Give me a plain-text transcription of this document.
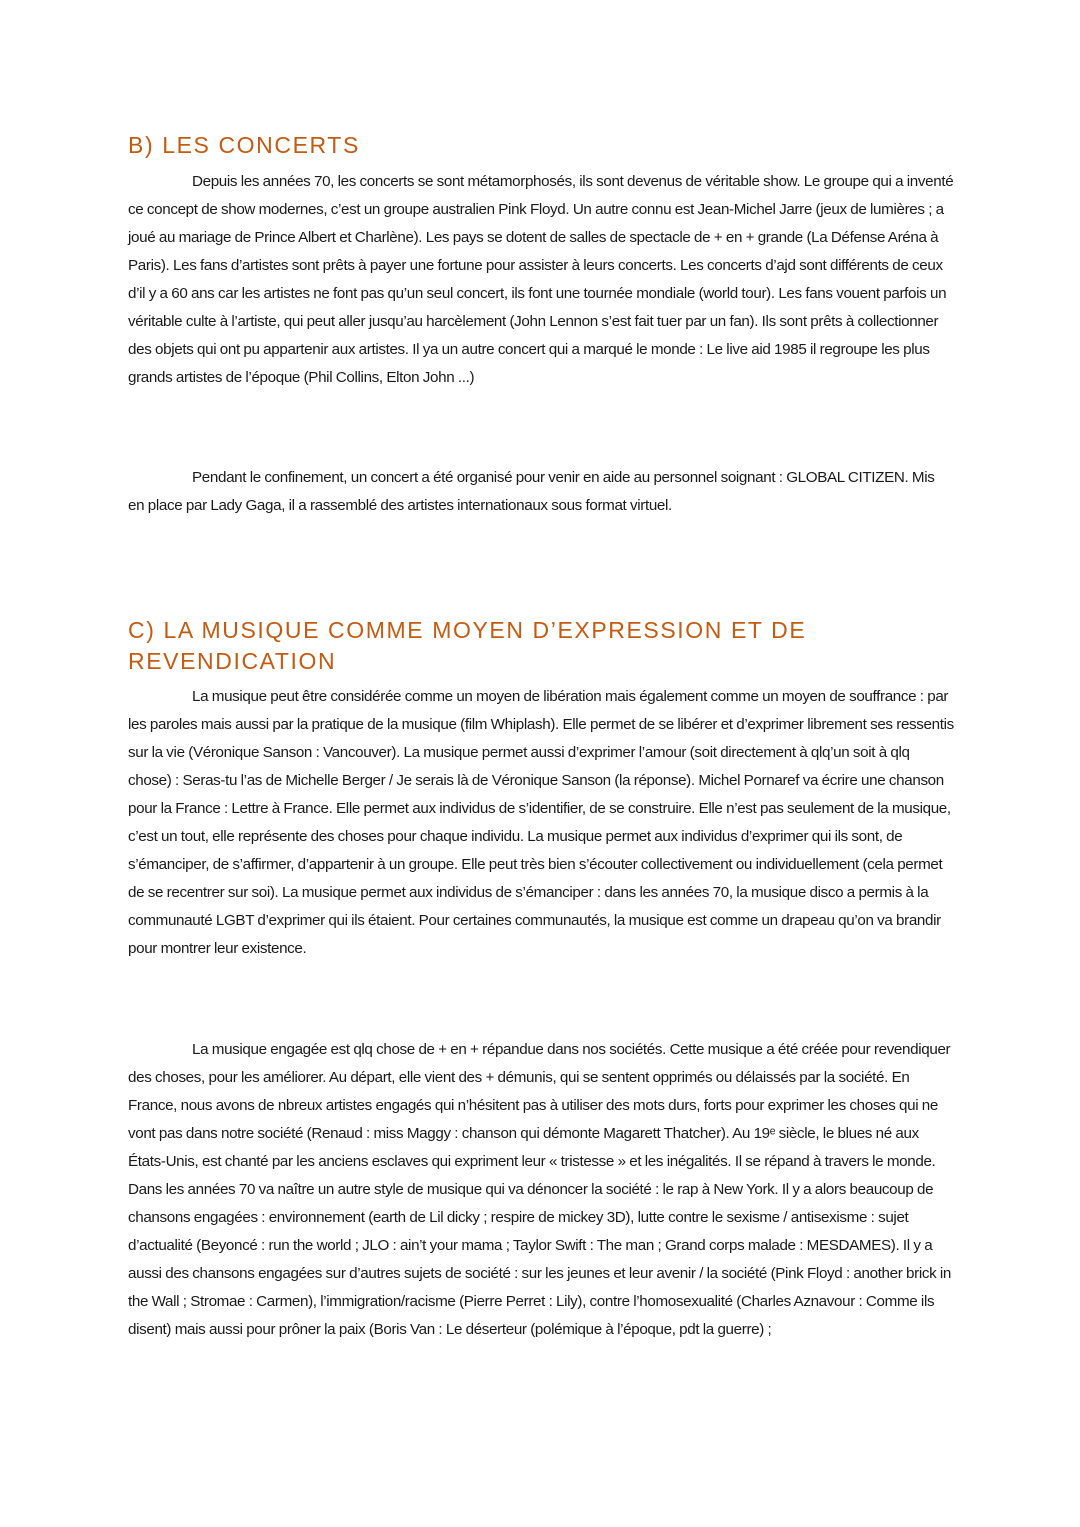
B) LES CONCERTS

Depuis les années 70, les concerts se sont métamorphosés, ils sont devenus de véritable show. Le groupe qui a inventé ce concept de show modernes, c’est un groupe australien Pink Floyd. Un autre connu est Jean-Michel Jarre (jeux de lumières ; a joué au mariage de Prince Albert et Charlène). Les pays se dotent de salles de spectacle de + en + grande (La Défense Aréna à Paris). Les fans d’artistes sont prêts à payer une fortune pour assister à leurs concerts. Les concerts d’ajd sont différents de ceux d’il y a 60 ans car les artistes ne font pas qu’un seul concert, ils font une tournée mondiale (world tour). Les fans vouent parfois un véritable culte à l’artiste, qui peut aller jusqu’au harcèlement (John Lennon s’est fait tuer par un fan). Ils sont prêts à collectionner des objets qui ont pu appartenir aux artistes. Il ya un autre concert qui a marqué le monde : Le live aid 1985 il regroupe les plus grands artistes de l’époque (Phil Collins, Elton John ...)

Pendant le confinement, un concert a été organisé pour venir en aide au personnel soignant : GLOBAL CITIZEN. Mis en place par Lady Gaga, il a rassemblé des artistes internationaux sous format virtuel.

C) LA MUSIQUE COMME MOYEN D’EXPRESSION ET DE REVENDICATION

La musique peut être considérée comme un moyen de libération mais également comme un moyen de souffrance : par les paroles mais aussi par la pratique de la musique (film Whiplash). Elle permet de se libérer et d’exprimer librement ses ressentis sur la vie (Véronique Sanson : Vancouver). La musique permet aussi d’exprimer l’amour (soit directement à qlq’un soit à qlq chose) : Seras-tu l’as de Michelle Berger / Je serais là de Véronique Sanson (la réponse). Michel Pornaref va écrire une chanson pour la France : Lettre à France. Elle permet aux individus de s’identifier, de se construire. Elle n’est pas seulement de la musique, c’est un tout, elle représente des choses pour chaque individu. La musique permet aux individus d’exprimer qui ils sont, de s’émanciper, de s’affirmer, d’appartenir à un groupe. Elle peut très bien s’écouter collectivement ou individuellement (cela permet de se recentrer sur soi). La musique permet aux individus de s’émanciper : dans les années 70, la musique disco a permis à la communauté LGBT d’exprimer qui ils étaient. Pour certaines communautés, la musique est comme un drapeau qu’on va brandir pour montrer leur existence.

La musique engagée est qlq chose de + en + répandue dans nos sociétés. Cette musique a été créée pour revendiquer des choses, pour les améliorer. Au départ, elle vient des + démunis, qui se sentent opprimés ou délaissés par la société. En France, nous avons de nbreux artistes engagés qui n’hésitent pas à utiliser des mots durs, forts pour exprimer les choses qui ne vont pas dans notre société (Renaud : miss Maggy : chanson qui démonte Magarett Thatcher). Au 19ᵉ siècle, le blues né aux États-Unis, est chanté par les anciens esclaves qui expriment leur « tristesse » et les inégalités. Il se répand à travers le monde. Dans les années 70 va naître un autre style de musique qui va dénoncer la société : le rap à New York. Il y a alors beaucoup de chansons engagées : environnement (earth de Lil dicky ; respire de mickey 3D), lutte contre le sexisme / antisexisme : sujet d’actualité (Beyoncé : run the world ; JLO : ain’t your mama ; Taylor Swift : The man ; Grand corps malade : MESDAMES). Il y a aussi des chansons engagées sur d’autres sujets de société : sur les jeunes et leur avenir / la société (Pink Floyd : another brick in the Wall ; Stromae : Carmen), l’immigration/racisme (Pierre Perret : Lily), contre l’homosexualité (Charles Aznavour : Comme ils disent) mais aussi pour prôner la paix (Boris Van : Le déserteur (polémique à l’époque, pdt la guerre) ;
